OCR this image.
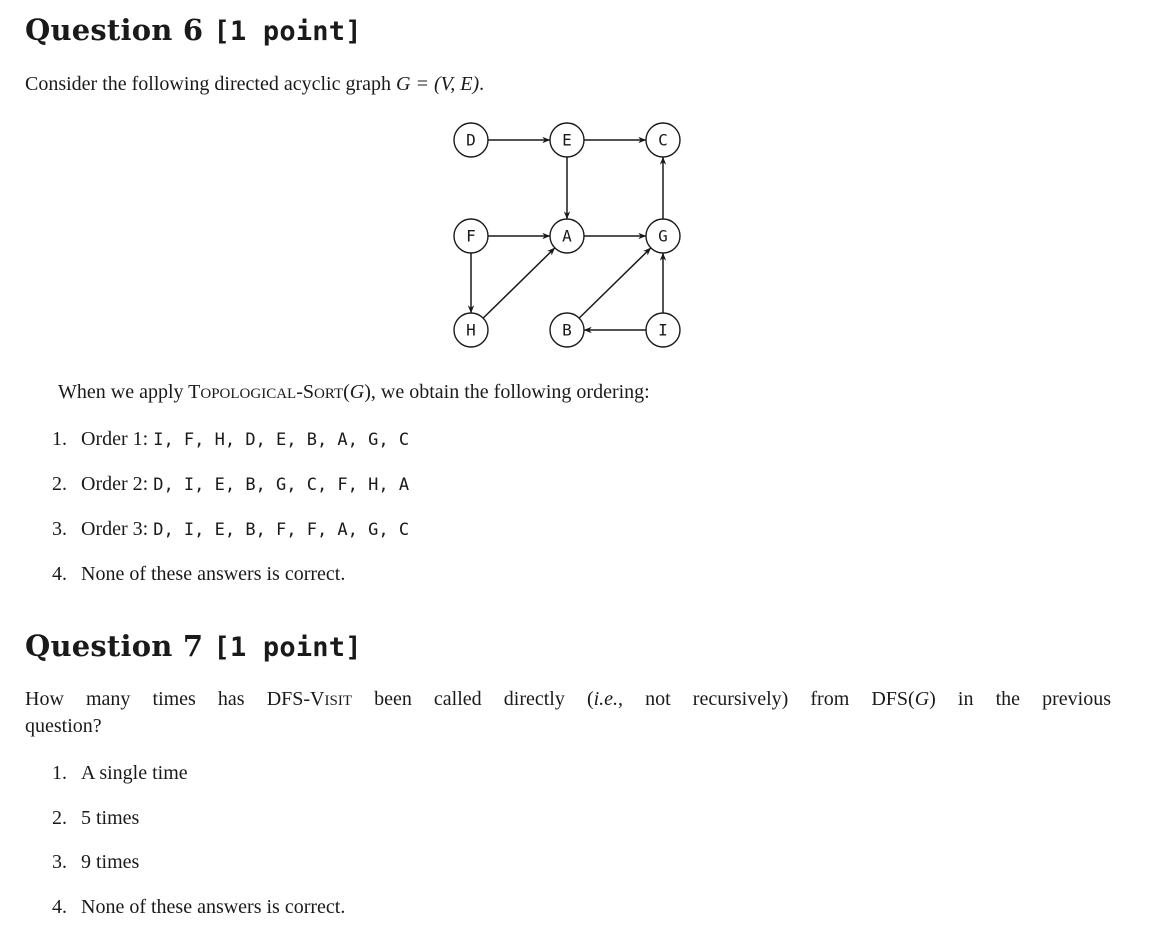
Question 6 [1 point]

Consider the following directed acyclic graph G = (V, E).

D	E	C
F	A	G
H	B	I

When we apply TOPOLOGICAL-SORT(G), we obtain the following ordering:

1. Order 1: I, F, H, D, E, B, A, G, C
2. Order 2: D, I, E, B, G, C, F, H, A
3. Order 3: D, I, E, B, F, F, A, G, C
4. None of these answers is correct.
Question 7 [1 point]

How many times has DFS-VISIT been called directly (i.e., not recursively) from DFS(G) in the previous

question?

1. A single time
2. 5 times
3. 9 times
4. None of these answers is correct.
